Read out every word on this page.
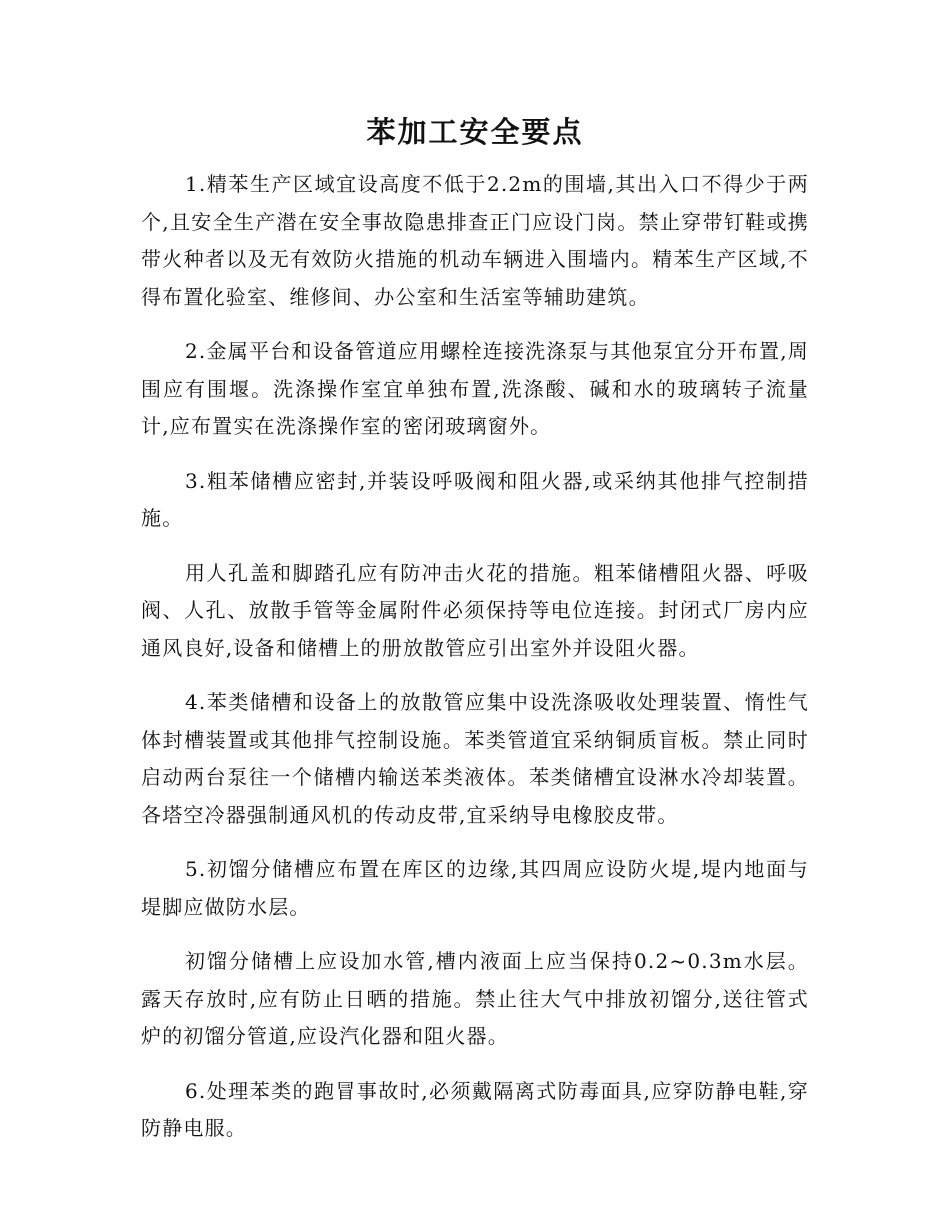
苯加工安全要点

1.精苯生产区域宜设高度不低于2.2m的围墙,其出入口不得少于两个,且安全生产潜在安全事故隐患排查正门应设门岗。禁止穿带钉鞋或携带火种者以及无有效防火措施的机动车辆进入围墙内。精苯生产区域,不得布置化验室、维修间、办公室和生活室等辅助建筑。

2.金属平台和设备管道应用螺栓连接洗涤泵与其他泵宜分开布置,周围应有围堰。洗涤操作室宜单独布置,洗涤酸、碱和水的玻璃转子流量计,应布置实在洗涤操作室的密闭玻璃窗外。

3.粗苯储槽应密封,并装设呼吸阀和阻火器,或采纳其他排气控制措施。

用人孔盖和脚踏孔应有防冲击火花的措施。粗苯储槽阻火器、呼吸阀、人孔、放散手管等金属附件必须保持等电位连接。封闭式厂房内应通风良好,设备和储槽上的册放散管应引出室外并设阻火器。

4.苯类储槽和设备上的放散管应集中设洗涤吸收处理装置、惰性气体封槽装置或其他排气控制设施。苯类管道宜采纳铜质盲板。禁止同时启动两台泵往一个储槽内输送苯类液体。苯类储槽宜设淋水冷却装置。各塔空冷器强制通风机的传动皮带,宜采纳导电橡胶皮带。

5.初馏分储槽应布置在库区的边缘,其四周应设防火堤,堤内地面与堤脚应做防水层。

初馏分储槽上应设加水管,槽内液面上应当保持0.2~0.3m水层。露天存放时,应有防止日晒的措施。禁止往大气中排放初馏分,送往管式炉的初馏分管道,应设汽化器和阻火器。

6.处理苯类的跑冒事故时,必须戴隔离式防毒面具,应穿防静电鞋,穿防静电服。
